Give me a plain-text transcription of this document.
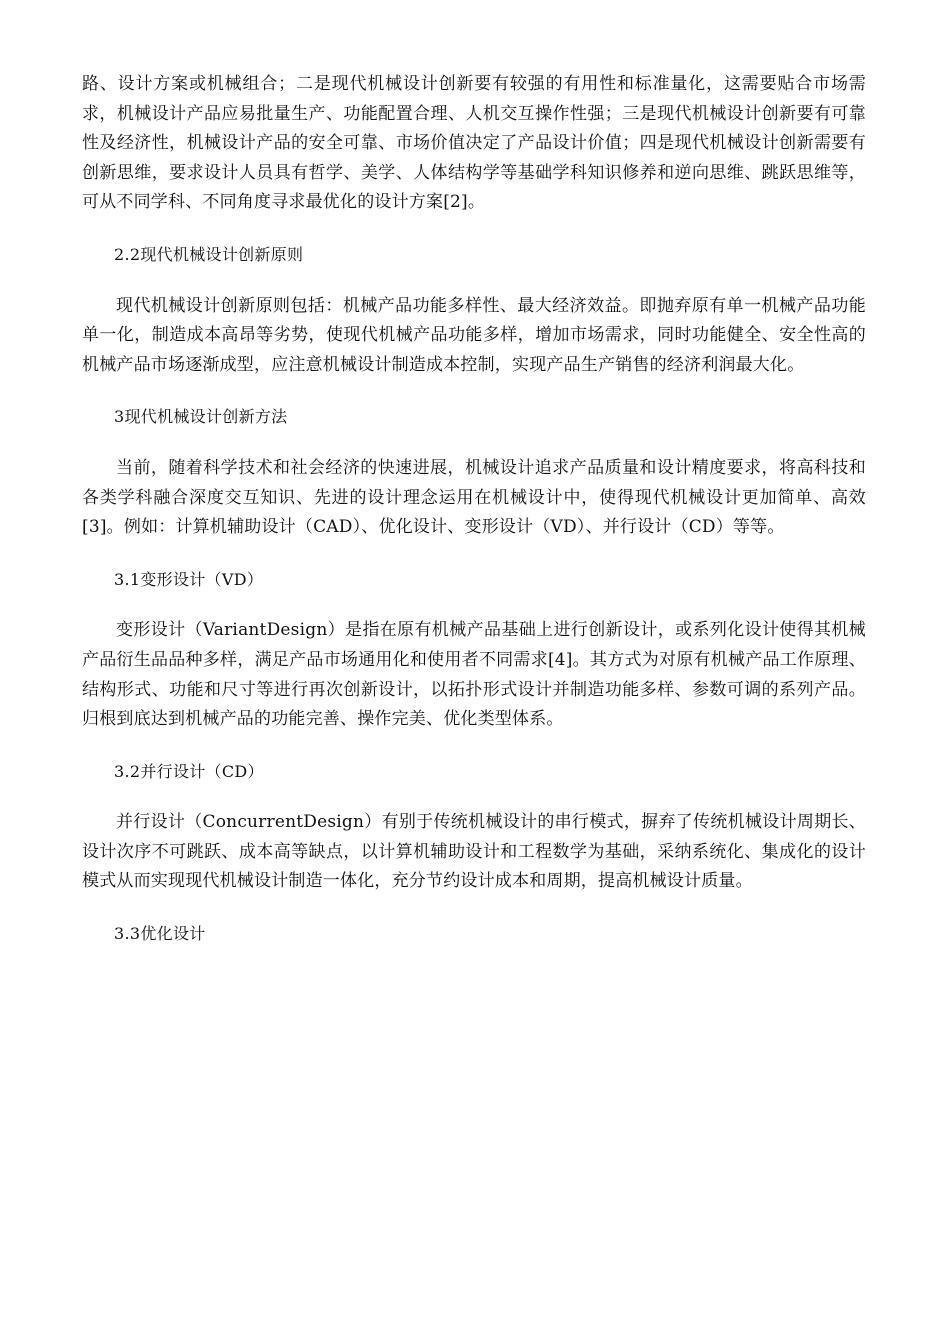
路、设计方案或机械组合；二是现代机械设计创新要有较强的有用性和标准量化，这需要贴合市场需求，机械设计产品应易批量生产、功能配置合理、人机交互操作性强；三是现代机械设计创新要有可靠性及经济性，机械设计产品的安全可靠、市场价值决定了产品设计价值；四是现代机械设计创新需要有创新思维，要求设计人员具有哲学、美学、人体结构学等基础学科知识修养和逆向思维、跳跃思维等，可从不同学科、不同角度寻求最优化的设计方案[2]。

2.2现代机械设计创新原则

现代机械设计创新原则包括：机械产品功能多样性、最大经济效益。即抛弃原有单一机械产品功能单一化，制造成本高昂等劣势，使现代机械产品功能多样，增加市场需求，同时功能健全、安全性高的机械产品市场逐渐成型，应注意机械设计制造成本控制，实现产品生产销售的经济利润最大化。

3现代机械设计创新方法

当前，随着科学技术和社会经济的快速进展，机械设计追求产品质量和设计精度要求，将高科技和各类学科融合深度交互知识、先进的设计理念运用在机械设计中，使得现代机械设计更加简单、高效[3]。例如：计算机辅助设计（CAD）、优化设计、变形设计（VD）、并行设计（CD）等等。

3.1变形设计（VD）

变形设计（VariantDesign）是指在原有机械产品基础上进行创新设计，或系列化设计使得其机械产品衍生品品种多样，满足产品市场通用化和使用者不同需求[4]。其方式为对原有机械产品工作原理、结构形式、功能和尺寸等进行再次创新设计，以拓扑形式设计并制造功能多样、参数可调的系列产品。归根到底达到机械产品的功能完善、操作完美、优化类型体系。

3.2并行设计（CD）

并行设计（ConcurrentDesign）有别于传统机械设计的串行模式，摒弃了传统机械设计周期长、设计次序不可跳跃、成本高等缺点，以计算机辅助设计和工程数学为基础，采纳系统化、集成化的设计模式从而实现现代机械设计制造一体化，充分节约设计成本和周期，提高机械设计质量。

3.3优化设计
